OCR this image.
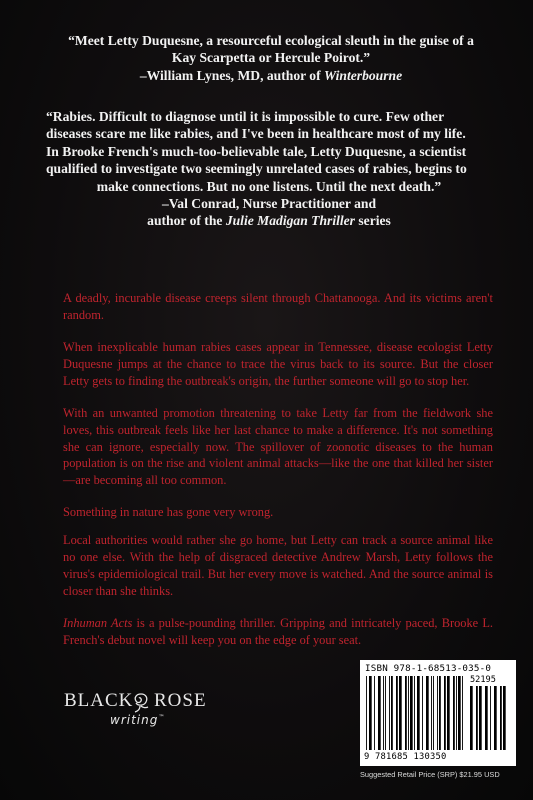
“Meet Letty Duquesne, a resourceful ecological sleuth in the guise of a

Kay Scarpetta or Hercule Poirot.”

–William Lynes, MD, author of Winterbourne

“Rabies. Difficult to diagnose until it is impossible to cure. Few other

diseases scare me like rabies, and I've been in healthcare most of my life.

In Brooke French's much-too-believable tale, Letty Duquesne, a scientist

qualified to investigate two seemingly unrelated cases of rabies, begins to

make connections. But no one listens. Until the next death.”

–Val Conrad, Nurse Practitioner and

author of the Julie Madigan Thriller series

A deadly, incurable disease creeps silent through Chattanooga. And its victims aren't random.

When inexplicable human rabies cases appear in Tennessee, disease ecologist Letty Duquesne jumps at the chance to trace the virus back to its source. But the closer Letty gets to finding the outbreak's origin, the further someone will go to stop her.

With an unwanted promotion threatening to take Letty far from the fieldwork she loves, this outbreak feels like her last chance to make a difference. It's not something she can ignore, especially now. The spillover of zoonotic diseases to the human population is on the rise and violent animal attacks—like the one that killed her sister—are becoming all too common.

Something in nature has gone very wrong.

Local authorities would rather she go home, but Letty can track a source animal like no one else. With the help of disgraced detective Andrew Marsh, Letty follows the virus's epidemiological trail. But her every move is watched. And the source animal is closer than she thinks.

Inhuman Acts is a pulse-pounding thriller. Gripping and intricately paced, Brooke L. French's debut novel will keep you on the edge of your seat.

BLACK ROSE
writing™
ISBN 978-1-68513-035-0
52195
9 781685 130350
Suggested Retail Price (SRP) $21.95 USD
